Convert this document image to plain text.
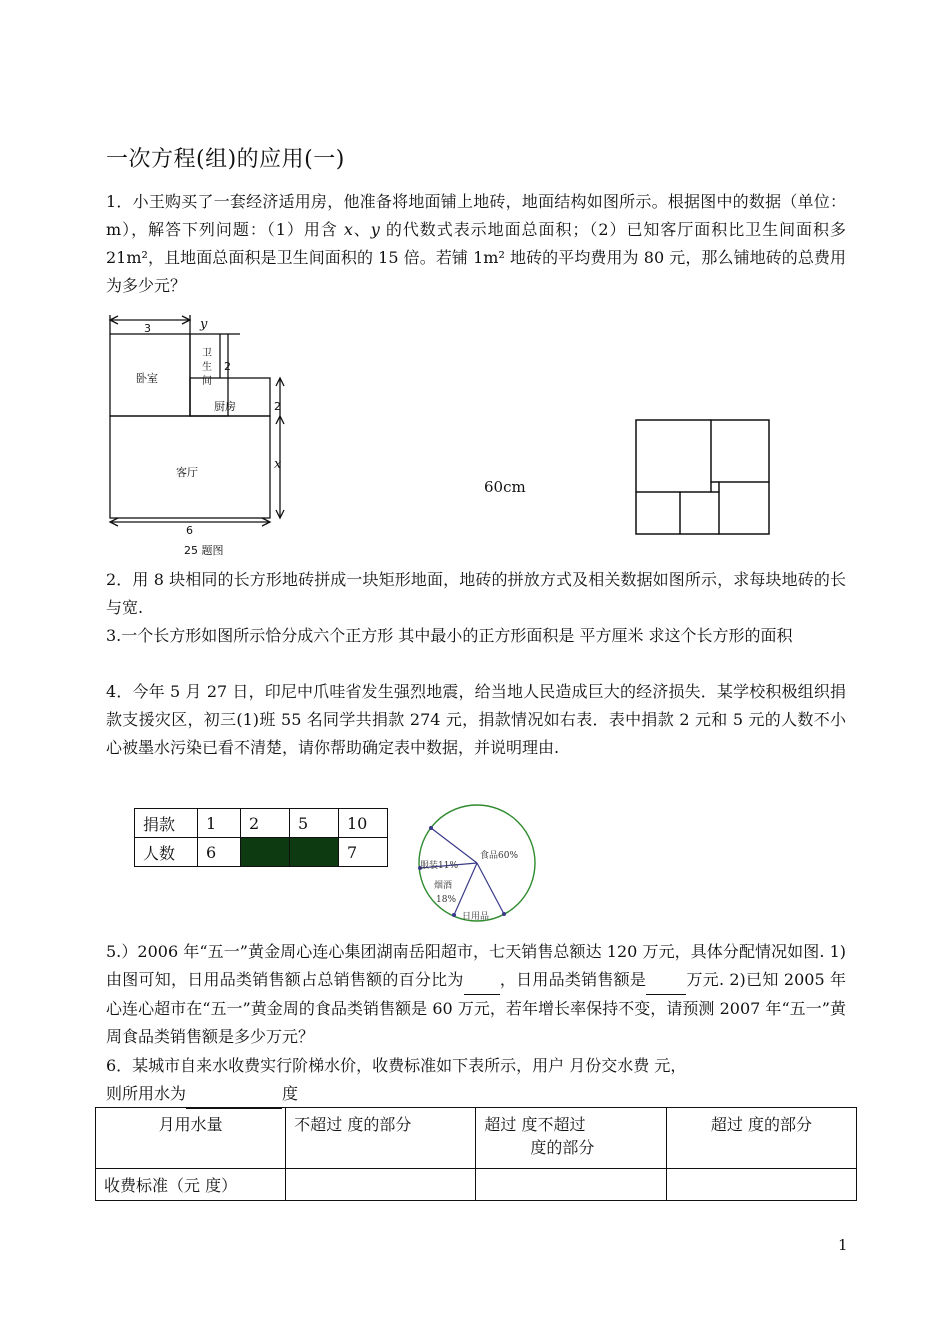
一次方程(组)的应用(一)
1．小王购买了一套经济适用房，他准备将地面铺上地砖，地面结构如图所示。根据图中的数据（单位：m），解答下列问题：（1）用含 x、y 的代数式表示地面总面积；（2）已知客厅面积比卫生间面积多 21m²，且地面总面积是卫生间面积的 15 倍。若铺 1m² 地砖的平均费用为 80 元，那么铺地砖的总费用为多少元？
3	y
卫
生
间
2
卧室
厨房	2
客厅
x
6
25 题图
60cm
2．用 8 块相同的长方形地砖拼成一块矩形地面，地砖的拼放方式及相关数据如图所示，求每块地砖的长与宽.
3.一个长方形如图所示恰分成六个正方形 其中最小的正方形面积是 平方厘米 求这个长方形的面积
4．今年 5 月 27 日，印尼中爪哇省发生强烈地震，给当地人民造成巨大的经济损失．某学校积极组织捐款支援灾区，初三(1)班 55 名同学共捐款 274 元，捐款情况如右表．表中捐款 2 元和 5 元的人数不小心被墨水污染已看不清楚，请你帮助确定表中数据，并说明理由.
捐款	1	2	5	10
人数	6			7	食品60%
服装11%
烟酒
18%
日用品
5.）2006 年“五一”黄金周心连心集团湖南岳阳超市，七天销售总额达 120 万元，具体分配情况如图. 1)由图可知，日用品类销售额占总销售额的百分比为 ，日用品类销售额是	万元. 2)已知 2005 年心连心超市在“五一”黄金周的食品类销售额是 60 万元，若年增长率保持不变，请预测 2007 年“五一”黄周食品类销售额是多少万元？
6．某城市自来水收费实行阶梯水价，收费标准如下表所示，用户 月份交水费 元，
则所用水为	度
月用水量	不超过 度的部分	超过 度不超过
度的部分	超过 度的部分
收费标准（元 度）			
1
